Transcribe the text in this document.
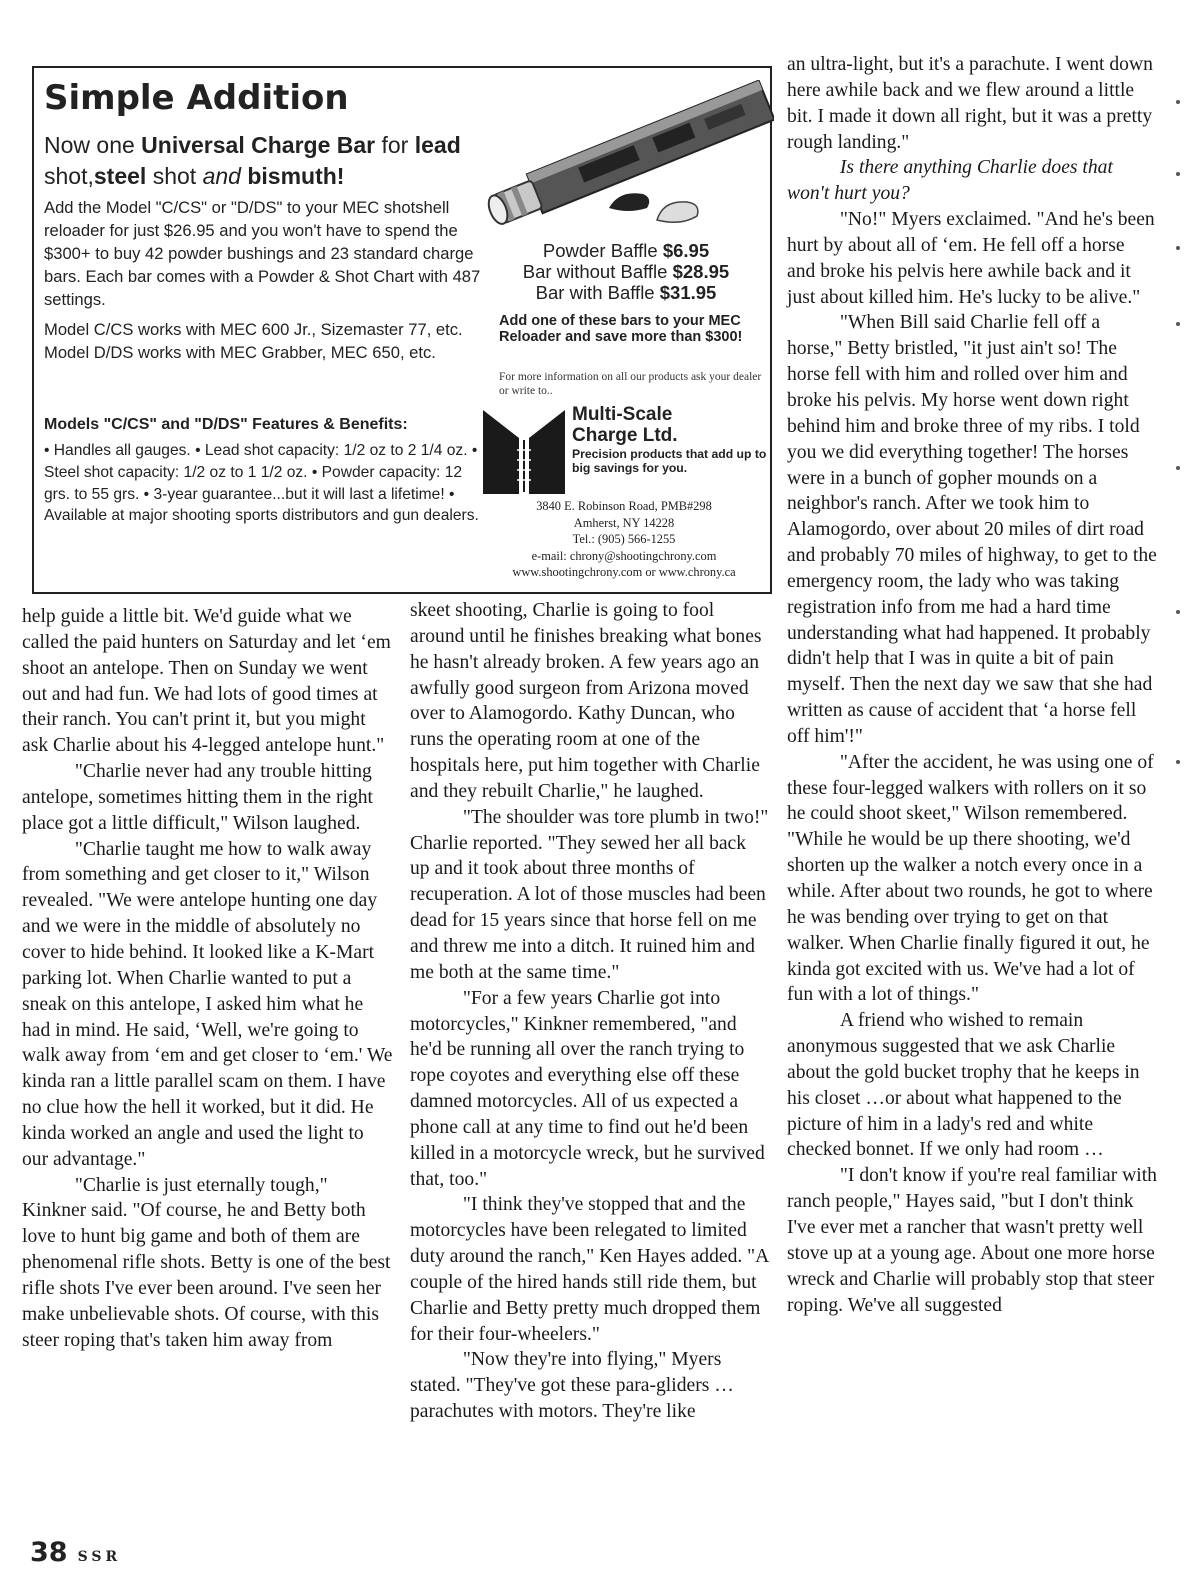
Simple Addition
Now one Universal Charge Bar for lead shot,steel shot and bismuth!

Add the Model "C/CS" or "D/DS" to your MEC shotshell reloader for just $26.95 and you won't have to spend the $300+ to buy 42 powder bushings and 23 standard charge bars. Each bar comes with a Powder & Shot Chart with 487 settings.

Model C/CS works with MEC 600 Jr., Sizemaster 77, etc. Model D/DS works with MEC Grabber, MEC 650, etc.

Models "C/CS" and "D/DS" Features & Benefits:
• Handles all gauges. • Lead shot capacity: 1/2 oz to 2 1/4 oz. • Steel shot capacity: 1/2 oz to 1 1/2 oz. • Powder capacity: 12 grs. to 55 grs. • 3-year guarantee...but it will last a lifetime! • Available at major shooting sports distributors and gun dealers.
Powder Baffle $6.95
Bar without Baffle $28.95
Bar with Baffle $31.95
Add one of these bars to your MEC Reloader and save more than $300!
For more information on all our products ask your dealer or write to..
Multi-Scale
Charge Ltd.
Precision products that add up to big savings for you.
3840 E. Robinson Road, PMB#298
Amherst, NY 14228
Tel.: (905) 566-1255
e-mail: chrony@shootingchrony.com
www.shootingchrony.com or www.chrony.ca

help guide a little bit. We'd guide what we called the paid hunters on Saturday and let ‘em shoot an antelope. Then on Sunday we went out and had fun. We had lots of good times at their ranch. You can't print it, but you might ask Charlie about his 4-legged antelope hunt."

"Charlie never had any trouble hitting antelope, sometimes hitting them in the right place got a little difficult," Wilson laughed.

"Charlie taught me how to walk away from something and get closer to it," Wilson revealed. "We were antelope hunting one day and we were in the middle of absolutely no cover to hide behind. It looked like a K-Mart parking lot. When Charlie wanted to put a sneak on this antelope, I asked him what he had in mind. He said, ‘Well, we're going to walk away from ‘em and get closer to ‘em.' We kinda ran a little parallel scam on them. I have no clue how the hell it worked, but it did. He kinda worked an angle and used the light to our advantage."

"Charlie is just eternally tough," Kinkner said. "Of course, he and Betty both love to hunt big game and both of them are phenomenal rifle shots. Betty is one of the best rifle shots I've ever been around. I've seen her make unbelievable shots. Of course, with this steer roping that's taken him away from

skeet shooting, Charlie is going to fool around until he finishes breaking what bones he hasn't already broken. A few years ago an awfully good surgeon from Arizona moved over to Alamogordo. Kathy Duncan, who runs the operating room at one of the hospitals here, put him together with Charlie and they rebuilt Charlie," he laughed.

"The shoulder was tore plumb in two!" Charlie reported. "They sewed her all back up and it took about three months of recuperation. A lot of those muscles had been dead for 15 years since that horse fell on me and threw me into a ditch. It ruined him and me both at the same time."

"For a few years Charlie got into motorcycles," Kinkner remembered, "and he'd be running all over the ranch trying to rope coyotes and everything else off these damned motorcycles. All of us expected a phone call at any time to find out he'd been killed in a motorcycle wreck, but he survived that, too."

"I think they've stopped that and the motorcycles have been relegated to limited duty around the ranch," Ken Hayes added. "A couple of the hired hands still ride them, but Charlie and Betty pretty much dropped them for their four-wheelers."

"Now they're into flying," Myers stated. "They've got these para-gliders … parachutes with motors. They're like

an ultra-light, but it's a parachute. I went down here awhile back and we flew around a little bit. I made it down all right, but it was a pretty rough landing."

Is there anything Charlie does that won't hurt you?

"No!" Myers exclaimed. "And he's been hurt by about all of ‘em. He fell off a horse and broke his pelvis here awhile back and it just about killed him. He's lucky to be alive."

"When Bill said Charlie fell off a horse," Betty bristled, "it just ain't so! The horse fell with him and rolled over him and broke his pelvis. My horse went down right behind him and broke three of my ribs. I told you we did everything together! The horses were in a bunch of gopher mounds on a neighbor's ranch. After we took him to Alamogordo, over about 20 miles of dirt road and probably 70 miles of highway, to get to the emergency room, the lady who was taking registration info from me had a hard time understanding what had happened. It probably didn't help that I was in quite a bit of pain myself. Then the next day we saw that she had written as cause of accident that ‘a horse fell off him'!"

"After the accident, he was using one of these four-legged walkers with rollers on it so he could shoot skeet," Wilson remembered. "While he would be up there shooting, we'd shorten up the walker a notch every once in a while. After about two rounds, he got to where he was bending over trying to get on that walker. When Charlie finally figured it out, he kinda got excited with us. We've had a lot of fun with a lot of things."

A friend who wished to remain anonymous suggested that we ask Charlie about the gold bucket trophy that he keeps in his closet …or about what happened to the picture of him in a lady's red and white checked bonnet. If we only had room …

"I don't know if you're real familiar with ranch people," Hayes said, "but I don't think I've ever met a rancher that wasn't pretty well stove up at a young age. About one more horse wreck and Charlie will probably stop that steer roping. We've all suggested

38 SSR
